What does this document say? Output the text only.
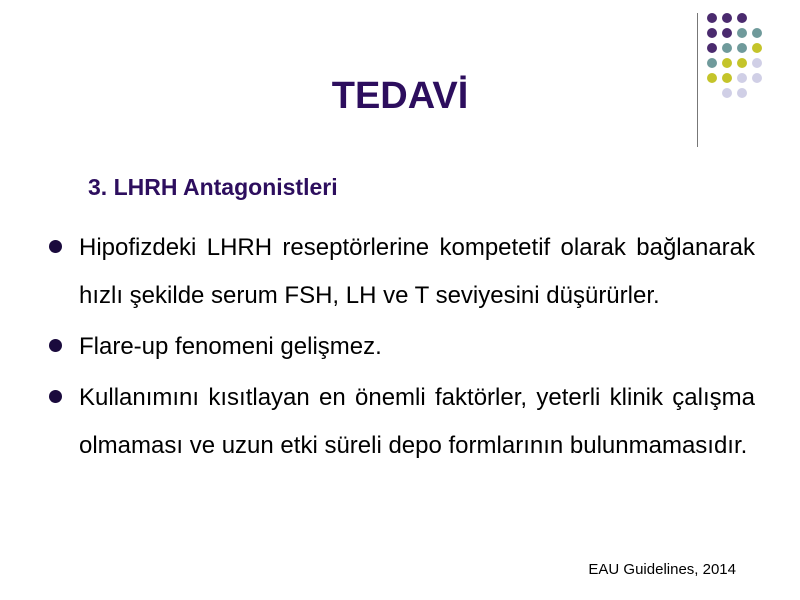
TEDAVİ
3. LHRH Antagonistleri
Hipofizdeki LHRH reseptörlerine kompetetif olarak bağlanarak hızlı şekilde serum FSH, LH ve T seviyesini düşürürler.
Flare-up fenomeni gelişmez.
Kullanımını kısıtlayan en önemli faktörler, yeterli klinik çalışma olmaması ve uzun etki süreli depo formlarının bulunmamasıdır.
EAU Guidelines, 2014
